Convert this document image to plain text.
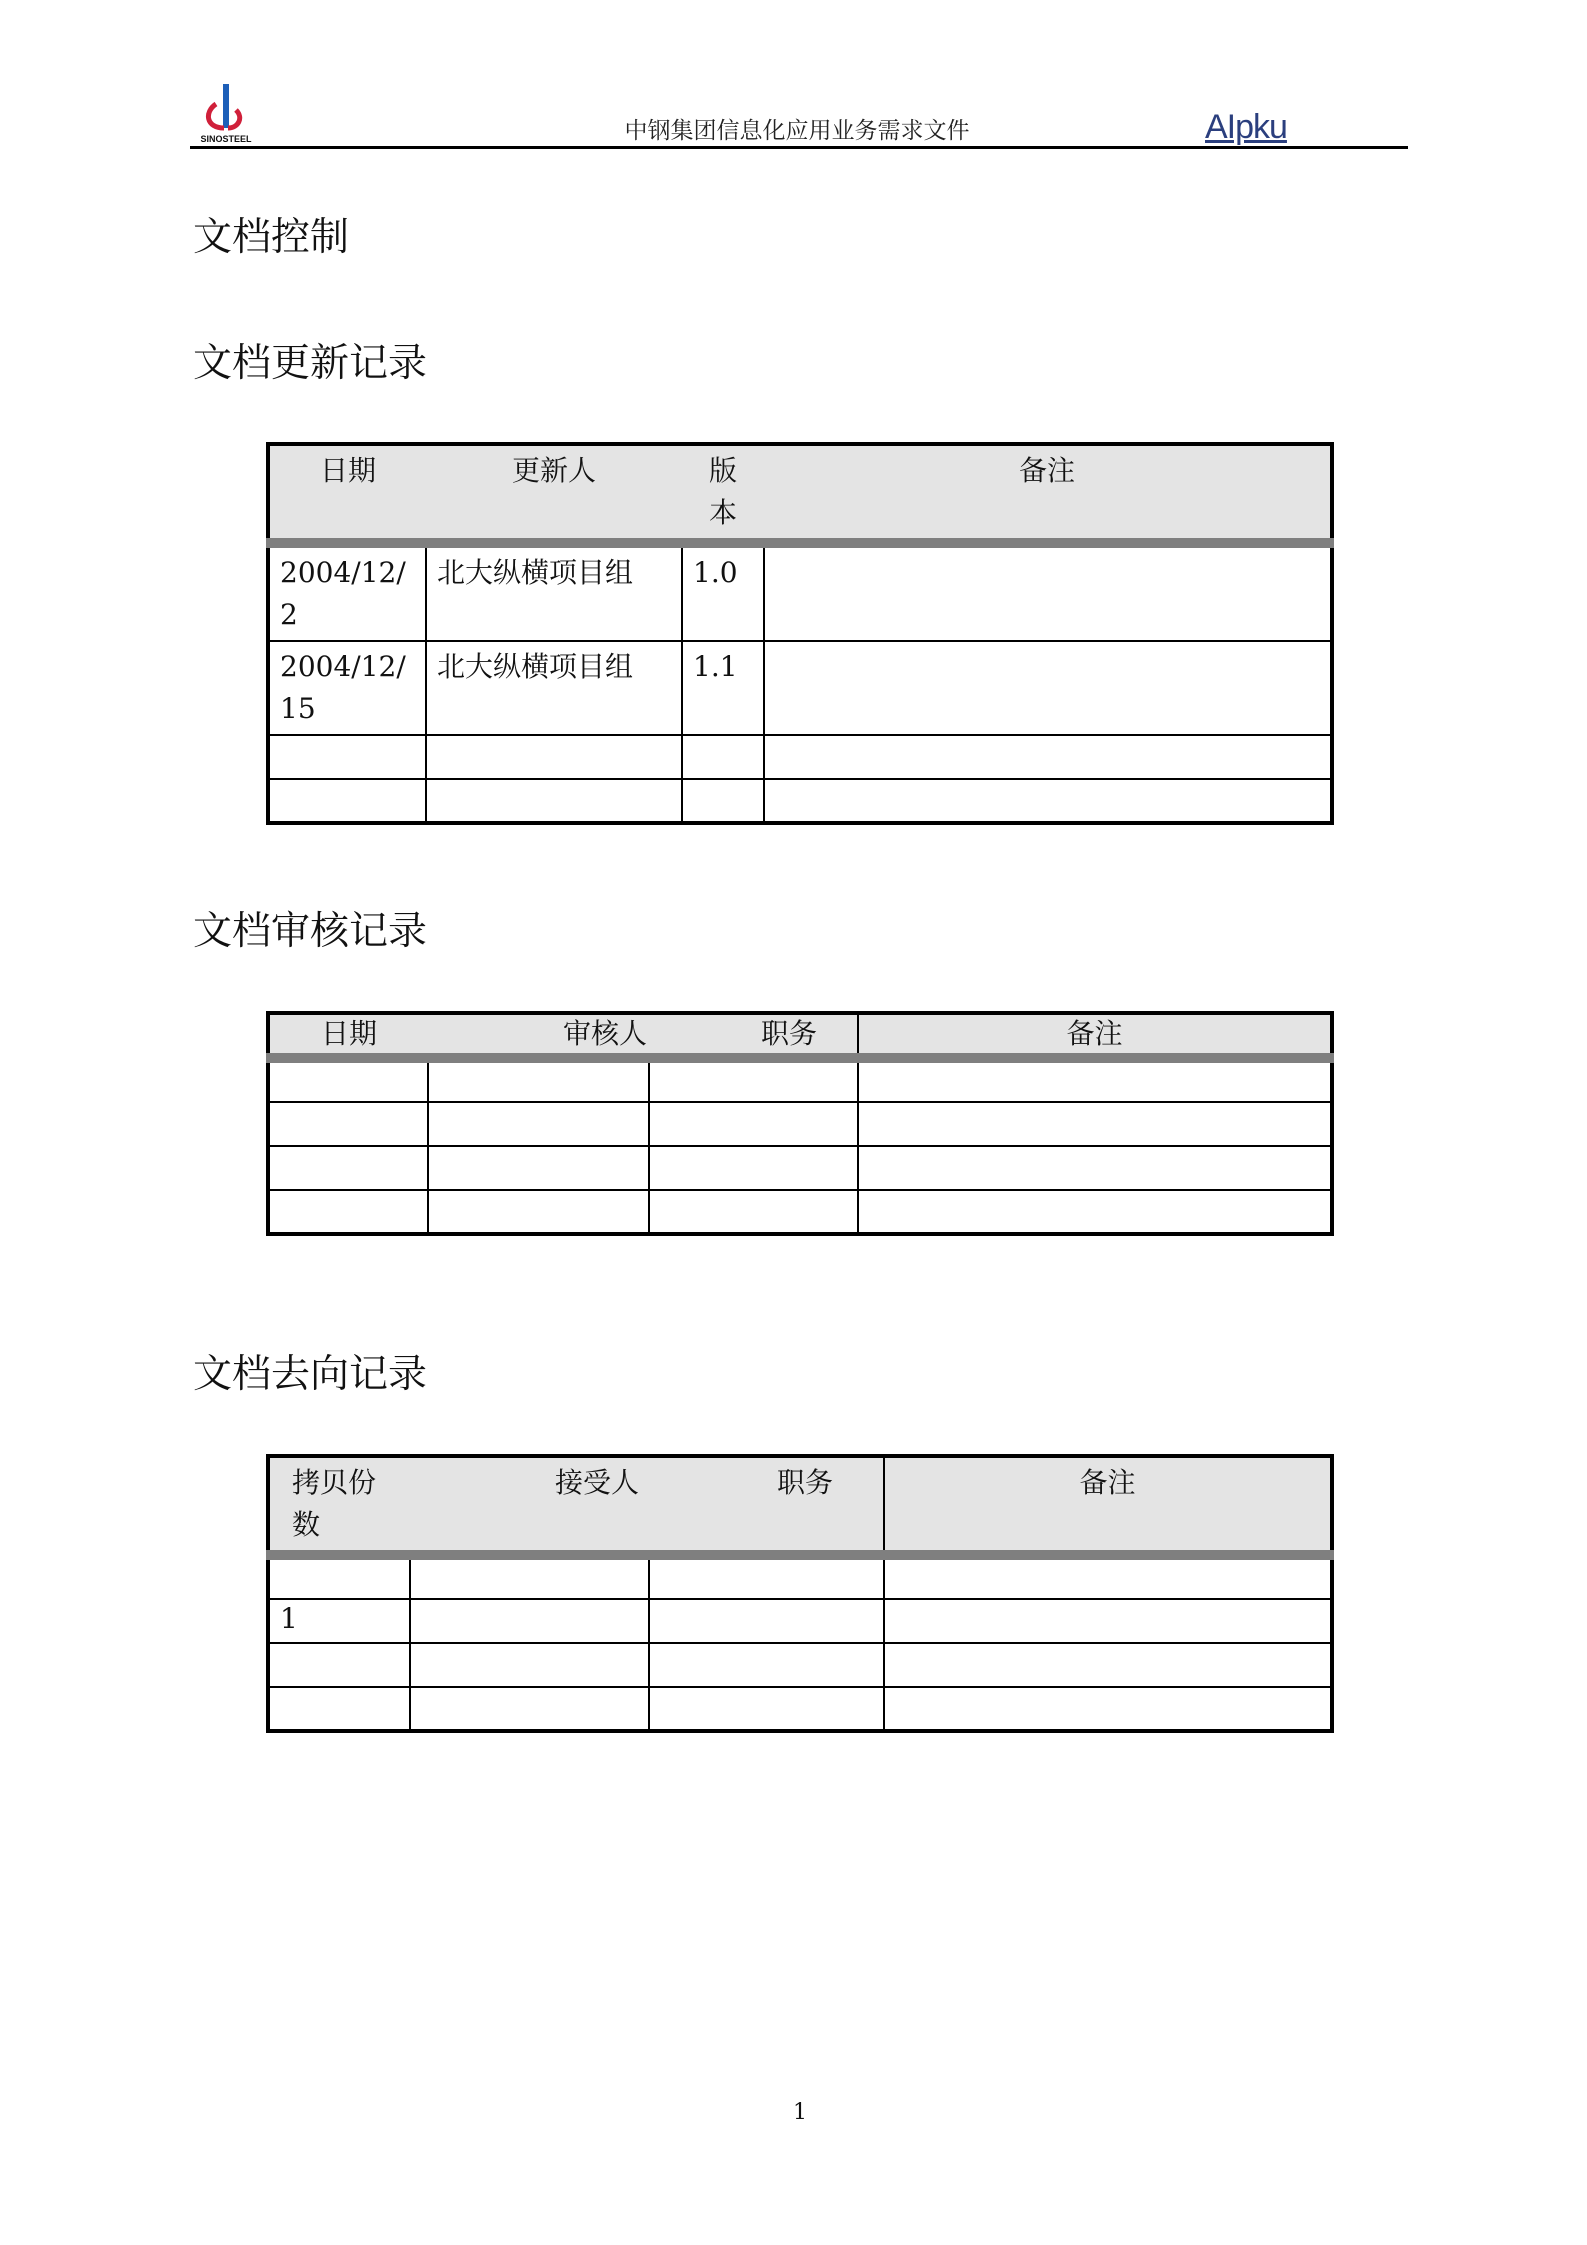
SINOSTEEL	中钢集团信息化应用业务需求文件	AIpku
文档控制
文档更新记录
日期	更新人	版本	备注
2004/12/2	北大纵横项目组	1.0	
2004/12/15	北大纵横项目组	1.1	

文档审核记录
日期	审核人	职务	备注

文档去向记录
拷贝份数	接受人	职务	备注

1			

1
